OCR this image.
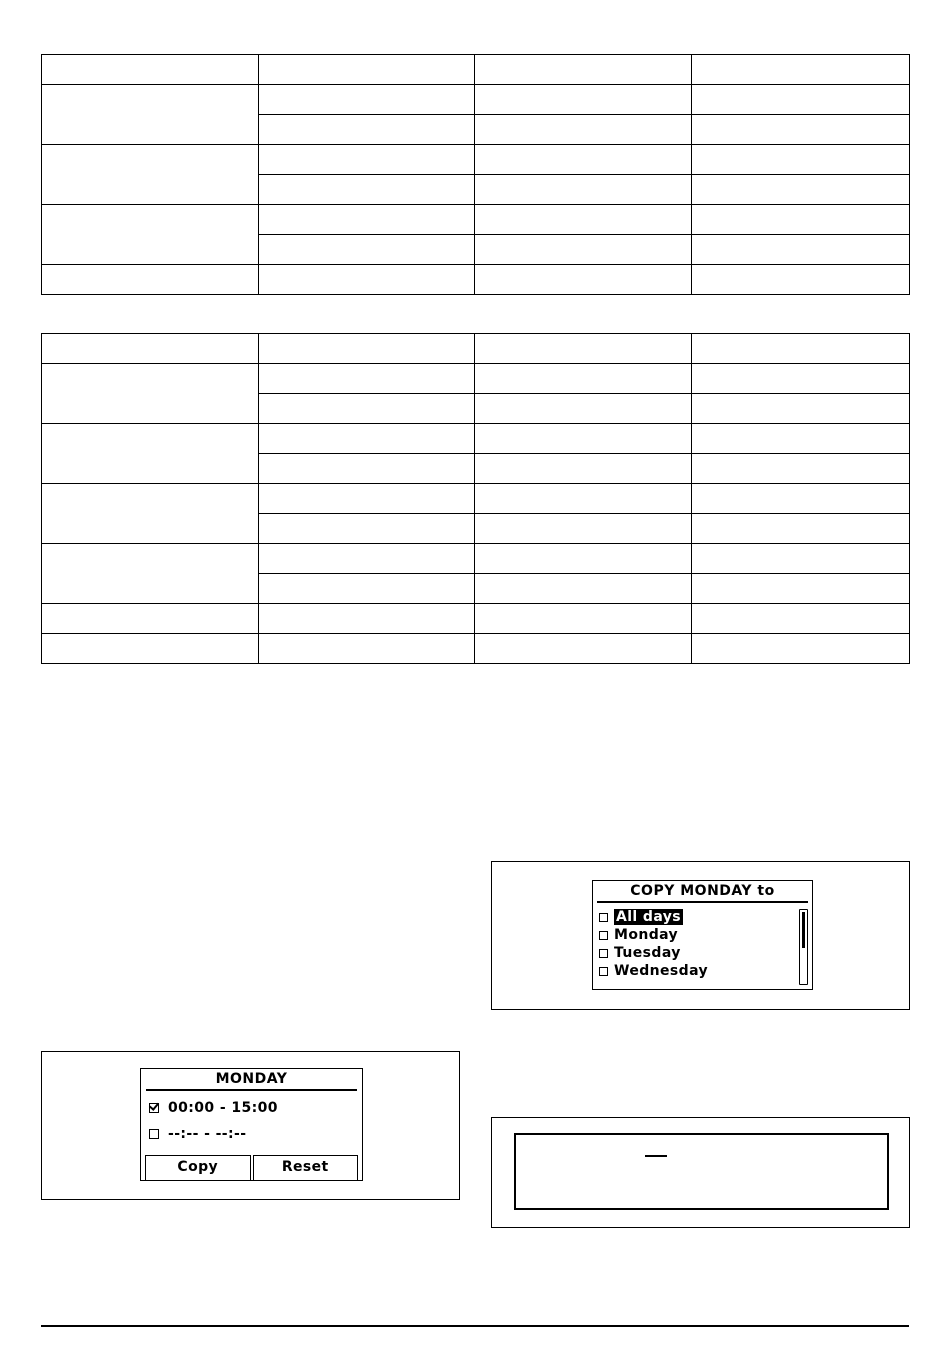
COPY MONDAY to
All days
Monday
Tuesday
Wednesday
MONDAY
00:00 - 15:00
--:-- - --:--
Copy	Reset
